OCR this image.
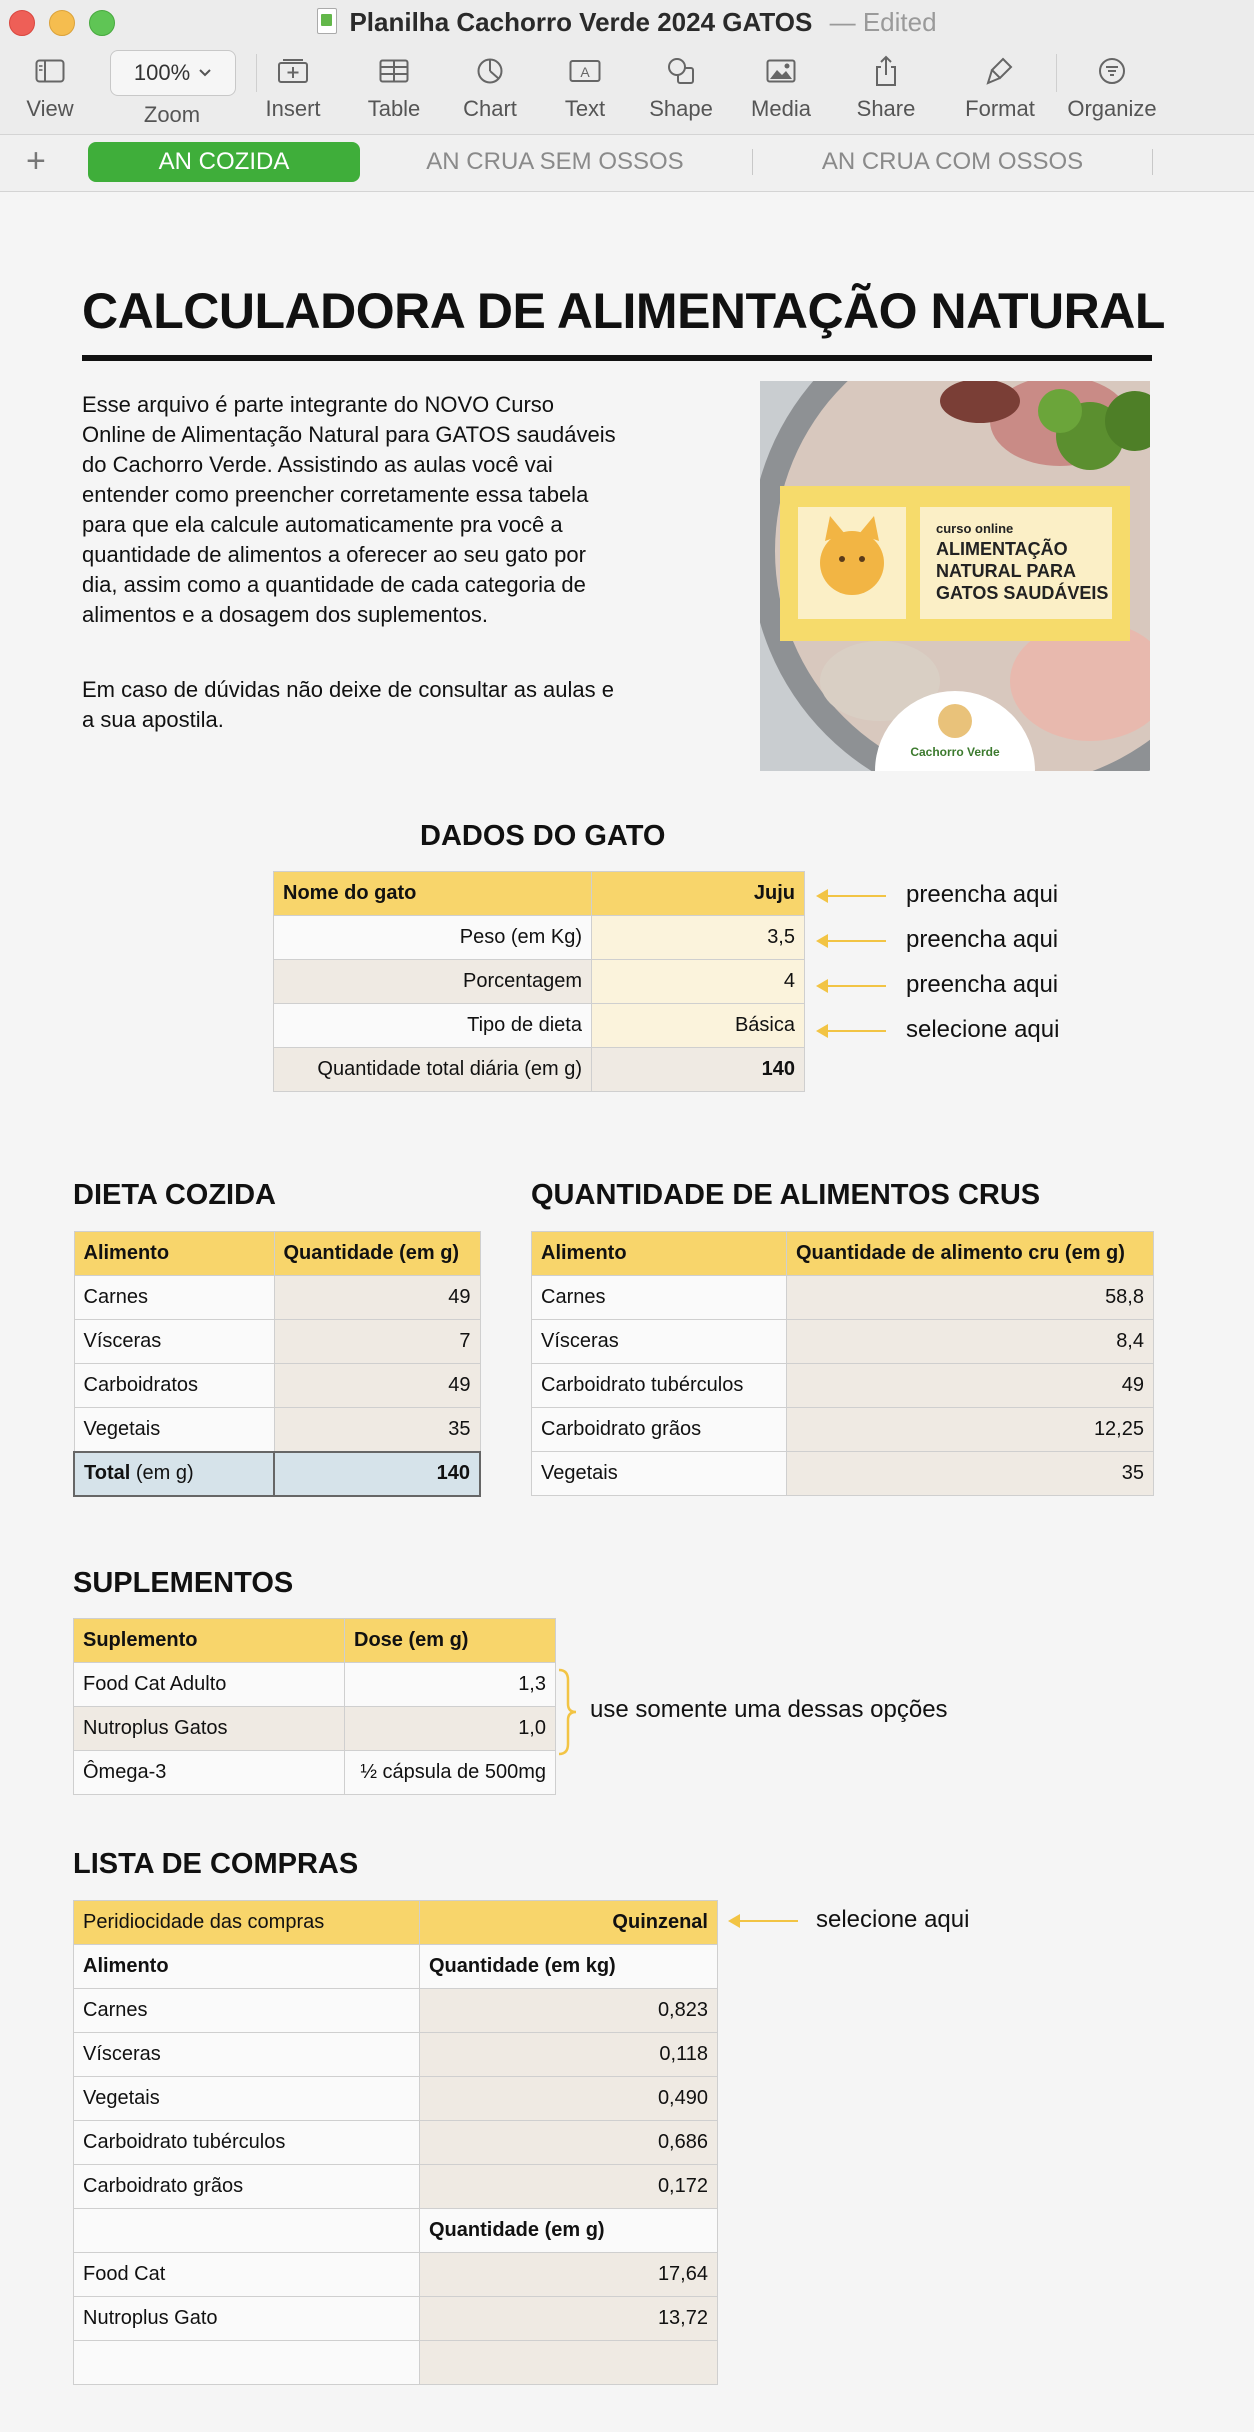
Planilha Cachorro Verde 2024 GATOS — Edited
View
100%
Zoom	Insert	Table	Chart
A
Text	Shape	Media	Share	Format	Organize
+	AN COZIDA	AN CRUA SEM OSSOS	AN CRUA COM OSSOS
CALCULADORA DE ALIMENTAÇÃO NATURAL

Esse arquivo é parte integrante do NOVO Curso Online de Alimentação Natural para GATOS saudáveis do Cachorro Verde. Assistindo as aulas você vai entender como preencher corretamente essa tabela para que ela calcule automaticamente pra você a quantidade de alimentos a oferecer ao seu gato por dia, assim como a quantidade de cada categoria de alimentos e a dosagem dos suplementos.

Em caso de dúvidas não deixe de consultar as aulas e a sua apostila.

curso online
ALIMENTAÇÃO
NATURAL PARA
GATOS SAUDÁVEIS
Cachorro Verde
DADOS DO GATO
Nome do gato	Juju
Peso (em Kg)	3,5
Porcentagem	4
Tipo de dieta	Básica
Quantidade total diária (em g)	140
preencha aqui
preencha aqui
preencha aqui
selecione aqui
DIETA COZIDA
Alimento	Quantidade (em g)
Carnes	49
Vísceras	7
Carboidratos	49
Vegetais	35
Total (em g)	140
QUANTIDADE DE ALIMENTOS CRUS
Alimento	Quantidade de alimento cru (em g)
Carnes	58,8
Vísceras	8,4
Carboidrato tubérculos	49
Carboidrato grãos	12,25
Vegetais	35
SUPLEMENTOS
Suplemento	Dose (em g)
Food Cat Adulto	1,3
Nutroplus Gatos	1,0
Ômega-3	½ cápsula de 500mg
use somente uma dessas opções
LISTA DE COMPRAS
Peridiocidade das compras	Quinzenal
Alimento	Quantidade (em kg)
Carnes	0,823
Vísceras	0,118
Vegetais	0,490
Carboidrato tubérculos	0,686
Carboidrato grãos	0,172
	Quantidade (em g)
Food Cat	17,64
Nutroplus Gato	13,72

selecione aqui
